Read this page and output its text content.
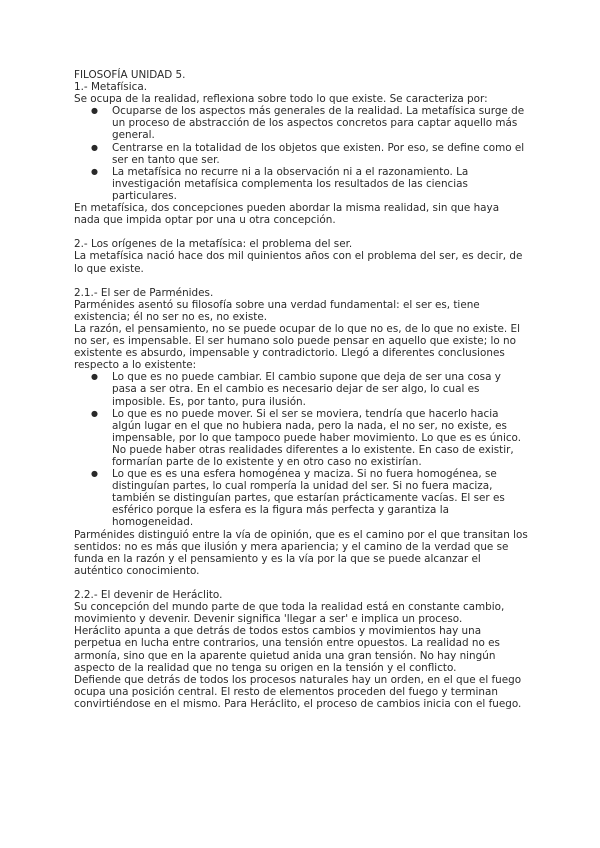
FILOSOFÍA UNIDAD 5.

1.- Metafísica.

Se ocupa de la realidad, reflexiona sobre todo lo que existe. Se caracteriza por:

● Ocuparse de los aspectos más generales de la realidad. La metafísica surge de un proceso de abstracción de los aspectos concretos para captar aquello más general.
● Centrarse en la totalidad de los objetos que existen. Por eso, se define como el ser en tanto que ser.
● La metafísica no recurre ni a la observación ni a el razonamiento. La investigación metafísica complementa los resultados de las ciencias particulares.

En metafísica, dos concepciones pueden abordar la misma realidad, sin que haya nada que impida optar por una u otra concepción.

2.- Los orígenes de la metafísica: el problema del ser.

La metafísica nació hace dos mil quinientos años con el problema del ser, es decir, de lo que existe.

2.1.- El ser de Parménides.

Parménides asentó su filosofía sobre una verdad fundamental: el ser es, tiene existencia; él no ser no es, no existe.

La razón, el pensamiento, no se puede ocupar de lo que no es, de lo que no existe. El no ser, es impensable. El ser humano solo puede pensar en aquello que existe; lo no existente es absurdo, impensable y contradictorio. Llegó a diferentes conclusiones respecto a lo existente:

● Lo que es no puede cambiar. El cambio supone que deja de ser una cosa y pasa a ser otra. En el cambio es necesario dejar de ser algo, lo cual es imposible. Es, por tanto, pura ilusión.
● Lo que es no puede mover. Si el ser se moviera, tendría que hacerlo hacia algún lugar en el que no hubiera nada, pero la nada, el no ser, no existe, es impensable, por lo que tampoco puede haber movimiento. Lo que es es único. No puede haber otras realidades diferentes a lo existente. En caso de existir, formarían parte de lo existente y en otro caso no existirían.
● Lo que es es una esfera homogénea y maciza. Si no fuera homogénea, se distinguían partes, lo cual rompería la unidad del ser. Si no fuera maciza, también se distinguían partes, que estarían prácticamente vacías. El ser es esférico porque la esfera es la figura más perfecta y garantiza la homogeneidad.

Parménides distinguió entre la vía de opinión, que es el camino por el que transitan los sentidos: no es más que ilusión y mera apariencia; y el camino de la verdad que se funda en la razón y el pensamiento y es la vía por la que se puede alcanzar el auténtico conocimiento.

2.2.- El devenir de Heráclito.

Su concepción del mundo parte de que toda la realidad está en constante cambio, movimiento y devenir. Devenir significa 'llegar a ser' e implica un proceso.

Heráclito apunta a que detrás de todos estos cambios y movimientos hay una perpetua en lucha entre contrarios, una tensión entre opuestos. La realidad no es armonía, sino que en la aparente quietud anida una gran tensión. No hay ningún aspecto de la realidad que no tenga su origen en la tensión y el conflicto.

Defiende que detrás de todos los procesos naturales hay un orden, en el que el fuego ocupa una posición central. El resto de elementos proceden del fuego y terminan convirtiéndose en el mismo. Para Heráclito, el proceso de cambios inicia con el fuego.
